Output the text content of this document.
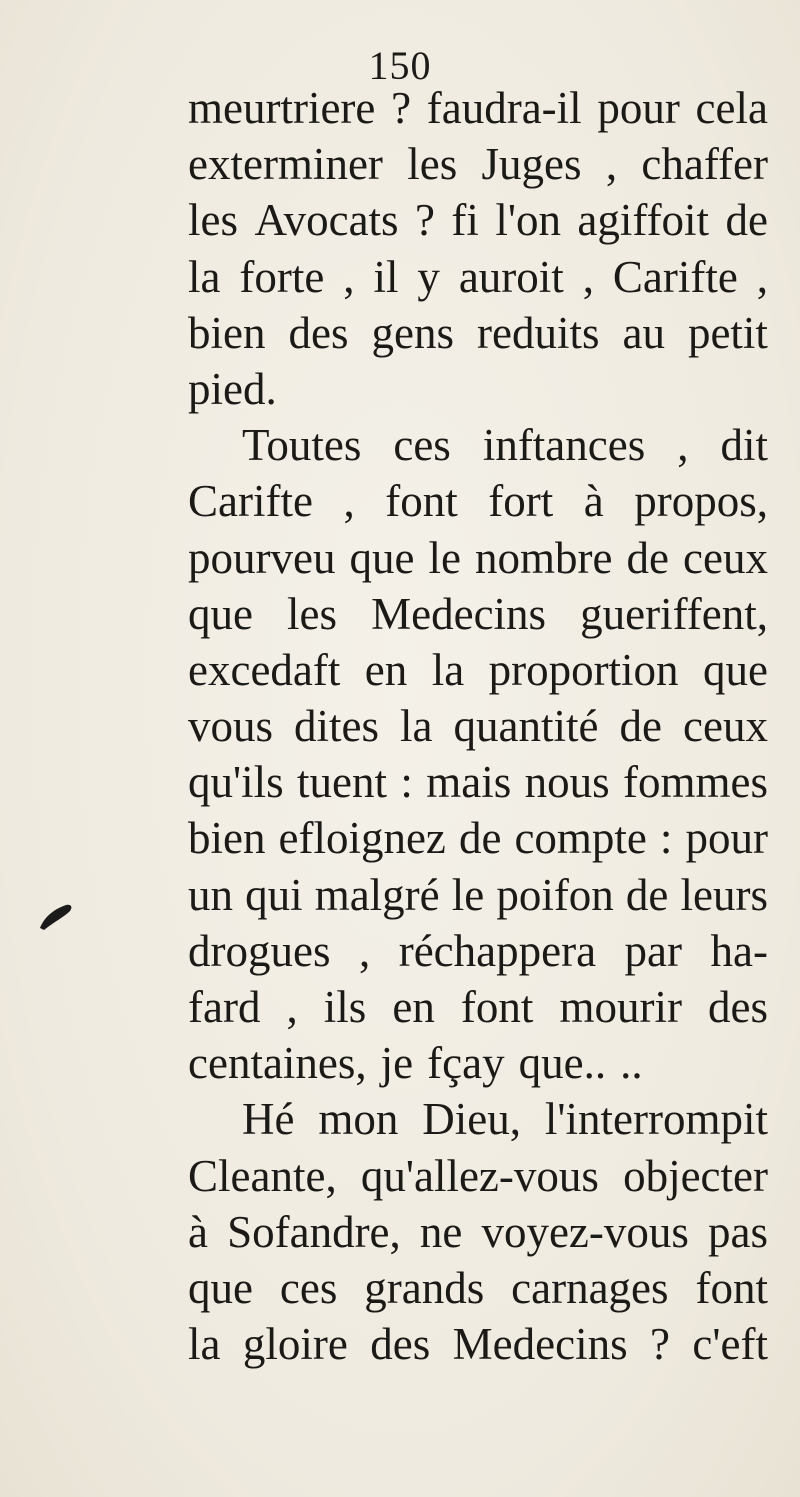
150
meurtriere ? faudra-il pour cela
exterminer les Juges , chaffer
les Avocats ? fi l'on agiffoit de
la forte , il y auroit , Carifte ,
bien des gens reduits au petit
pied.
Toutes ces inftances , dit
Carifte , font fort à propos,
pourveu que le nombre de ceux
que les Medecins gueriffent,
excedaft en la proportion que
vous dites la quantité de ceux
qu'ils tuent : mais nous fommes
bien efloignez de compte : pour
un qui malgré le poifon de leurs
drogues , réchappera par ha-
fard , ils en font mourir des
centaines, je fçay que.. ..
Hé mon Dieu, l'interrompit
Cleante, qu'allez-vous objecter
à Sofandre, ne voyez-vous pas
que ces grands carnages font
la gloire des Medecins ? c'eft
